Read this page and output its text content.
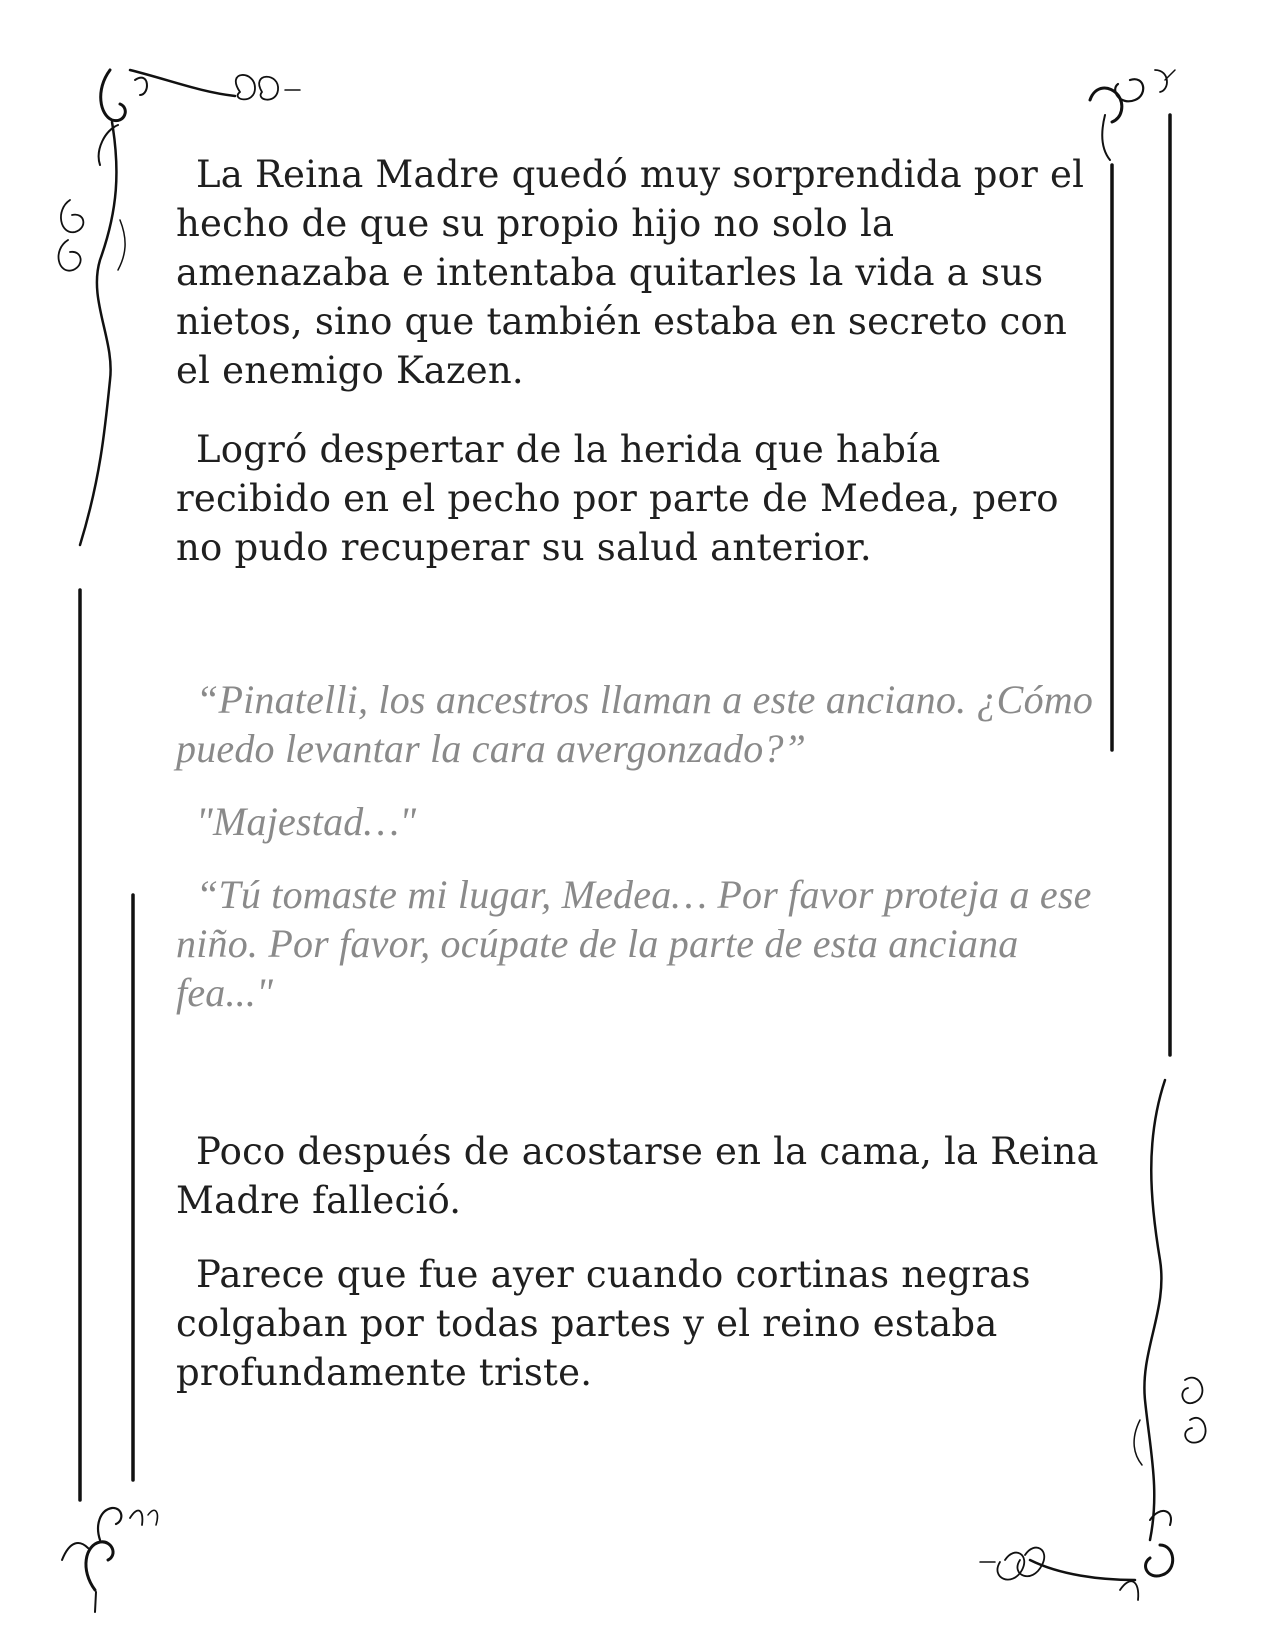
La Reina Madre quedó muy sorprendida por el hecho de que su propio hijo no solo la amenazaba e intentaba quitarles la vida a sus nietos, sino que también estaba en secreto con el enemigo Kazen.
Logró despertar de la herida que había recibido en el pecho por parte de Medea, pero no pudo recuperar su salud anterior.
“Pinatelli, los ancestros llaman a este anciano. ¿Cómo puedo levantar la cara avergonzado?”
"Majestad…"
“Tú tomaste mi lugar, Medea… Por favor proteja a ese niño. Por favor, ocúpate de la parte de esta anciana fea..."
Poco después de acostarse en la cama, la Reina Madre falleció.
Parece que fue ayer cuando cortinas negras colgaban por todas partes y el reino estaba profundamente triste.
